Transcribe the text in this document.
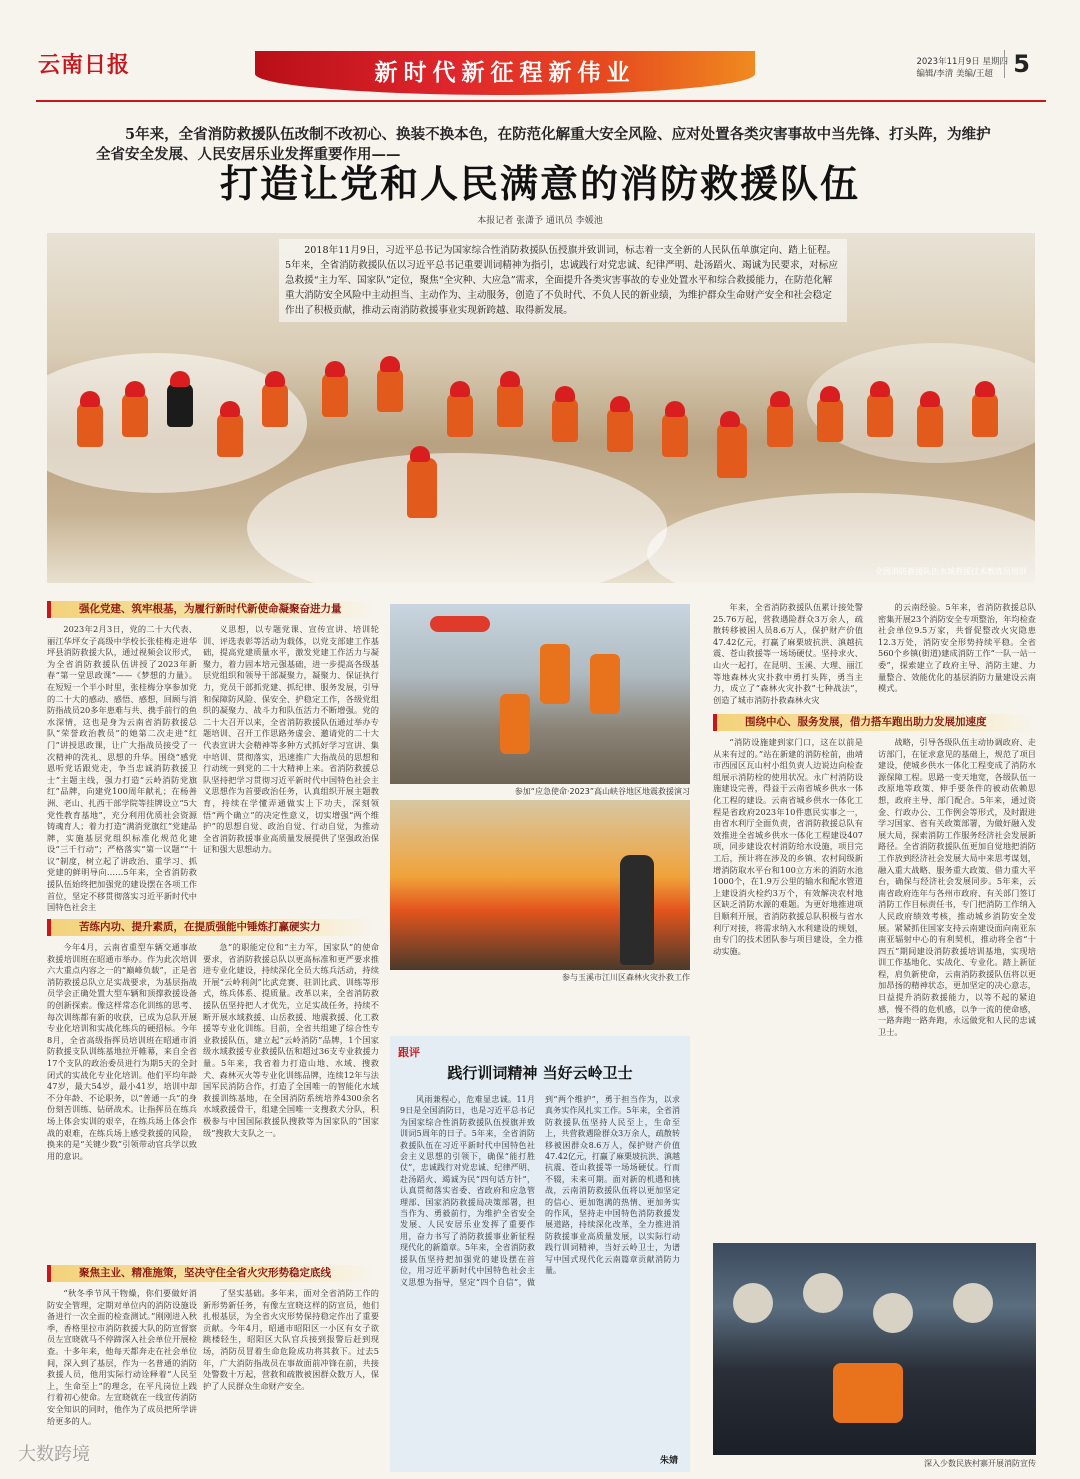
云南日报	新时代新征程新伟业	2023年11月9日 星期四
编辑/李清 美编/王超 5
5年来，全省消防救援队伍改制不改初心、换装不换本色，在防范化解重大安全风险、应对处置各类灾害事故中当先锋、打头阵，为维护全省安全发展、人民安居乐业发挥重要作用——
打造让党和人民满意的消防救援队伍
本报记者 张潇予 通讯员 李媛池
2018年11月9日，习近平总书记为国家综合性消防救援队伍授旗并致训词，标志着一支全新的人民队伍单旗定向、踏上征程。5年来，全省消防救援队伍以习近平总书记重要训词精神为指引，忠诚践行对党忠诚、纪律严明、赴汤蹈火、竭诚为民要求，对标应急救援“主力军、国家队”定位，聚焦“全灾种、大应急”需求，全面提升各类灾害事故的专业处置水平和综合救援能力，在防范化解重大消防安全风险中主动担当、主动作为、主动服务，创造了不负时代、不负人民的新业绩，为维护群众生命财产安全和社会稳定作出了积极贡献，推动云南消防救援事业实现新跨越、取得新发展。
全国消防救援队伍水域救援技术教练员培训
强化党建、筑牢根基，为履行新时代新使命凝聚奋进力量
2023年2月3日，党的二十大代表、丽江华坪女子高级中学校长张桂梅走进华坪县消防救援大队，通过视频会议形式，为全省消防救援队伍讲授了2023年新春“第一堂思政课”——《梦想的力量》。在短短一个半小时里，张桂梅分享参加党的二十大的感动、感悟、感想，回顾与消防指战员20多年患难与共、携手前行的鱼水深情，这也是身为云南省消防救援总队“荣誉政治教员”的她第二次走进“红门”讲授思政课，让广大指战员接受了一次精神的洗礼、思想的升华。围绕“感党恩听党话跟党走，争当忠诚消防救援卫士”主题主线，强力打造“云岭消防党旗红”品牌，向建党100周年献礼；在杨善洲、老山、扎西干部学院等挂牌设立“5大党性教育基地”，充分利用优质社会资源铸魂育人；着力打造“满消党旗红”党建品牌，实施基层党组织标准化规范化建设“三千行动”；严格落实“第一议题”“十议”制度，树立起了讲政治、重学习、抓党建的鲜明导向……5年来，全省消防救援队伍始终把加强党的建设摆在各项工作首位，坚定不移贯彻落实习近平新时代中国特色社会主
义思想，以专题党课、宣传宣讲、培训轮训、评选表彰等活动为载体，以党支部建工作基础，提高党建质量水平，激发党建工作活力与凝聚力，着力固本培元强基础，进一步提高各级基层党组织和领导干部凝聚力，凝聚力、保证执行力，党员干部抓党建、抓纪律、服务发展，引导和保障防风险、保安全、护稳定工作，各级党组织的凝聚力、战斗力和队伍活力不断增强。党的二十大召开以来，全省消防救援队伍通过举办专题培训、召开工作思路务虚会、邀请党的二十大代表宣讲大会精神等多种方式抓好学习宣讲、集中培训、贯彻落实，迅速推广大指战员的思想和行动统一到党的二十大精神上来。省消防救援总队坚持把学习贯彻习近平新时代中国特色社会主义思想作为首要政治任务，认真组织开展主题教育，持续在学懂弄通做实上下功夫，深刻领悟“两个确立”的决定性意义，切实增强“两个维护”的思想自觉、政治自觉、行动自觉，为推动全省消防救援事业高质量发展提供了坚强政治保证和强大思想动力。
苦练内功、提升素质，在提质强能中锤炼打赢硬实力
今年4月，云南省重型车辆交通事故救援培训班在昭通市举办。作为此次培训六大重点内容之一的“巅峰负载”，正是省消防救援总队立足实战要求，为基层指战员学会正确处置大型车辆和顶撑救援设备的创新探索。像这样常态化训练的思考、每次训练都有新的收获，已成为总队开展专业化培训和实战化练兵的硬招标。今年8月，全省高级指挥员培训班在昭通市消防救援支队训练基地拉开帷幕，来自全省17个支队的政治委员进行为期5天的全封闭式的实战化专业化培训。他们平均年龄47岁，最大54岁，最小41岁，培训中却不分年龄、不论职务，以“普通一兵”的身份刻苦训练、钻研战术。让指挥员在练兵场上体会实训的艰辛，在练兵场上体会作战的艰难，在练兵场上感受救援的风险，换来的是“关键少数”引领带动官兵学以致用的意识。
急”的职能定位和“主力军，国家队”的使命要求，省消防救援总队以更高标准和更严要求推进专业化建设，持续深化全员大练兵活动，持续开展“云岭利剑”比武竞赛、驻训比武、训练等形式，练兵体系、提质量。改革以来，全省消防救援队伍坚持把人才优先，立足实战任务，持续不断开展水域救援、山岳救援、地震救援、化工救援等专业化训练。目前，全省共组建了综合性专业救援队伍，建立起“云岭消防”品牌，1个国家级水域救援专业救援队伍和超过36支专业救援力量。5年来，我省着力打造山地、水域、搜救犬、森林灭火等专业化训练品牌，连续12年与法国军民消防合作，打造了全国唯一的智能化水域救援训练基地，在全国消防系统培养4300余名水域救援骨干，组建全国唯一支搜救犬分队，积极参与中国国际救援队搜救等为国家队的“国家级”搜救大支队之一。
聚焦主业、精准施策，坚决守住全省火灾形势稳定底线
“秋冬季节风干物燥，你们要做好消防安全管理，定期对单位内的消防设施设备进行一次全面的检查测试。”刚刚进入秋季，香格里拉市消防救援大队的防宣督察员左宣晓就马不停蹄深入社会单位开展检查。十多年来，他每天都奔走在社会单位间，深入到了基层，作为一名普通的消防救援人员，他用实际行动诠释着“人民至上，生命至上”的理念，在平凡岗位上践行着初心使命。左宣晓就在一线宣传消防安全知识的同时，他作为了成员把所学讲给更多的人。
了坚实基础。多年来，面对全省消防工作的新形势新任务，有像左宣晓这样的防宣员，他们扎根基层，为全省火灾形势保持稳定作出了重要贡献。今年4月，昭通市昭阳区一小区有女子欲跳楼轻生，昭阳区大队官兵接到报警后赶到现场，消防员冒着生命危险成功将其救下。过去5年，广大消防指战员在事故面前冲锋在前，共接处警数十万起，营救和疏散被困群众数万人，保护了人民群众生命财产安全。
参加“应急使命·2023”高山峡谷地区地震救援演习
参与玉溪市江川区森林火灾扑救工作
跟评
践行训词精神 当好云岭卫士
风雨兼程心，危难显忠诚。11月9日是全国消防日，也是习近平总书记为国家综合性消防救援队伍授旗并致训词5周年的日子。5年来，全省消防救援队伍在习近平新时代中国特色社会主义思想的引领下，确保“能打胜仗”，忠诚践行对党忠诚、纪律严明、赴汤蹈火、竭诚为民“四句话方针”，认真贯彻落实省委、省政府和应急管理部、国家消防救援局决策部署，担当作为、勇毅前行，为维护全省安全发展、人民安居乐业发挥了重要作用，奋力书写了消防救援事业新征程现代化的新篇章。5年来，全省消防救援队伍坚持把加强党的建设摆在首位，用习近平新时代中国特色社会主义思想为指导，坚定“四个自信”，做到“两个维护”，勇于担当作为，以求真务实作风扎实工作。5年来，全省消防救援队伍坚持人民至上，生命至上，共营救遇险群众3万余人，疏散转移被困群众8.6万人，保护财产价值47.42亿元，打赢了麻栗坡抗洪、滇越抗震、苍山救援等一场场硬仗。行而不辍，未来可期。面对新的机遇和挑战，云南消防救援队伍将以更加坚定的信心、更加饱满的热情、更加务实的作风，坚持走中国特色消防救援发展道路，持续深化改革，全力推进消防救援事业高质量发展，以实际行动践行训词精神，当好云岭卫士，为谱写中国式现代化云南篇章贡献消防力量。
朱婧
年来，全省消防救援队伍累计接处警25.76万起，营救遇险群众3万余人，疏散转移被困人员8.6万人，保护财产价值47.42亿元，打赢了麻栗坡抗洪、滇越抗震、苍山救援等一场场硬仗。坚持求火、山火一起打，在昆明、玉溪、大理、丽江等地森林火灾扑救中勇打头阵，勇当主力，成立了“森林火灾扑救”七种战法”，创造了城市消防扑救森林火灾
的云南经验。5年来，省消防救援总队密集开展23个消防安全专项整治，年均检查社会单位9.5万家，共督促整改火灾隐患12.3万处，消防安全形势持续平稳。全省560个乡镇(街道)建成消防工作“一队一站一委”，探索建立了政府主导、消防主建、力量整合、效能优化的基层消防力量建设云南模式。
围绕中心、服务发展，借力搭车跑出助力发展加速度
“消防设施建到家门口，这在以前是从来有过的。”站在新建的消防栓前，曲靖市西园区瓦山村小组负责人边说边向检查组展示消防栓的使用状况。永广村消防设施建设完善，得益于云南省城乡供水一体化工程的建设。云南省城乡供水一体化工程是省政府2023年10件惠民实事之一，由省水利厅全面负责，省消防救援总队有效推进全省城乡供水一体化工程建设407项，同步建设农村消防给水设施，项目完工后，预计将在涉及的乡镇、农村间级新增消防取水平台和100立方米的消防水池1000个，在1.9万公里的输水和配水管道上建设消火栓约3万个，有效解决农村地区缺乏消防水源的难题。为更好地推进项目顺利开展，省消防救援总队积极与省水利厅对接，将需求纳入水利建设的规划，由专门的技术团队参与项目建设，全力推动实施。
战略，引导各级队伍主动协调政府、走访部门，在征求意见的基础上，规范了项目建设，使城乡供水一体化工程变成了消防水源保障工程。思路一变天地宽，各级队伍一改原地等政策、伸手要条件的被动依赖思想，政府主导、部门配合。5年来，通过资金、行政办公、工作例会等形式，及时跟进学习国家、省有关政策部署，为做好融入发展大局，探索消防工作服务经济社会发展新路径。全省消防救援队伍更加自觉地把消防工作放到经济社会发展大局中来思考谋划，融入重大战略、服务重大政策、借力重大平台，确保与经济社会发展同步。5年来，云南省政府连年与各州市政府、有关部门签订消防工作目标责任书，专门把消防工作纳入人民政府绩效考核，推动城乡消防安全发展。紧紧抓住国家支持云南建设面向南亚东南亚辐射中心的有利契机，推动将全省“十四五”期间建设消防救援培训基地，实现培训工作基地化、实战化、专业化。踏上新征程，肩负新使命，云南消防救援队伍将以更加昂扬的精神状态，更加坚定的决心意志，日益提升消防救援能力，以等不起的紧迫感，慢不得的危机感，以争一流的使命感，一路奔跑一路奔跑，永远做党和人民的忠诚卫士。
深入少数民族村寨开展消防宣传
大数跨境
